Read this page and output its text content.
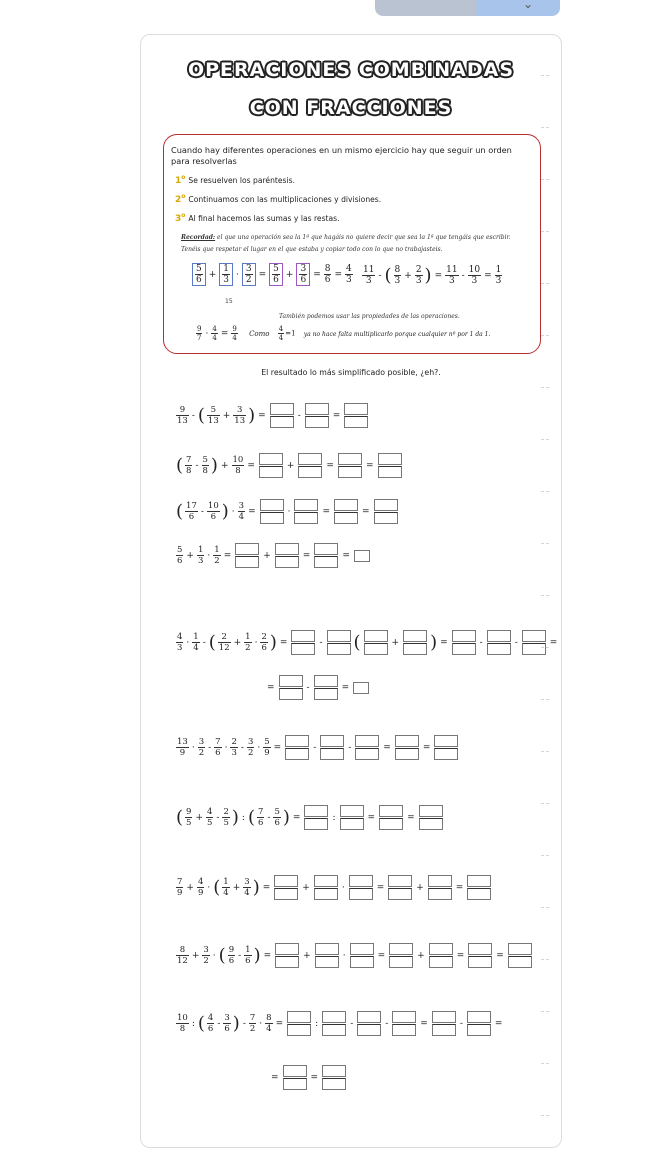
⌄
OPERACIONES COMBINADAS
CON FRACCIONES
Cuando hay diferentes operaciones en un mismo ejercicio hay que seguir un orden para resolverlas
1$^o$ Se resuelven los paréntesis.
2$^o$ Continuamos con las multiplicaciones y divisiones.
3$^o$ Al final hacemos las sumas y las restas.
Recordad: el que una operación sea la 1ª que hagáis no quiere decir que sea la 1ª que tengáis que escribir. Tenéis que respetar el lugar en el que estaba y copiar todo con lo que no trabajasteis.
$\frac{5}{6} + \frac{1}{3} \cdot \frac{3}{2} = \frac{5}{6} + \frac{3}{6} = \frac{8}{6} = \frac{4}{3}$
15
$\frac{11}{3}$ - ( $\frac{8}{3} + \frac{2}{3}$ ) = $\frac{11}{3} - \frac{10}{3} = \frac{1}{3}$
También podemos usar las propiedades de las operaciones.
$\frac{9}{7} \cdot \frac{4}{4} = \frac{9}{4}$ Como $\frac{4}{4} =1$ ya no hace falta multiplicarlo porque cualquier nº por 1 da 1.
El resultado lo más simplificado posible, ¿eh?.
$\frac{9}{13}$ - ( $\frac{5}{13} + \frac{3}{13}$ ) =	-	=
( $\frac{7}{8} - \frac{5}{8}$ ) + $\frac{10}{8}$ =	+	=	=
( $\frac{17}{6} - \frac{10}{6}$ ) · $\frac{3}{4}$ =	·	=	=
$\frac{5}{6} + \frac{1}{3} \cdot \frac{1}{2}$ =	+	=	=
$\frac{4}{3} \cdot \frac{1}{4}$ - ( $\frac{2}{12} + \frac{1}{2} \cdot \frac{2}{6}$ ) =	- (	+ ) =	-	-	=
=	-	=
$\frac{13}{9} \cdot \frac{3}{2} - \frac{7}{6} \cdot \frac{2}{3} - \frac{3}{2} \cdot \frac{5}{9}$ =	-	-	=	=
( $\frac{9}{5} + \frac{4}{5} - \frac{2}{5}$ ) : ( $\frac{7}{6} - \frac{5}{6}$ ) =	:	=	=
$\frac{7}{9} + \frac{4}{9}$ · ( $\frac{1}{4} + \frac{3}{4}$ ) =	+	·	=	+	=
$\frac{8}{12} + \frac{3}{2}$ · ( $\frac{9}{6} - \frac{1}{6}$ ) =	+	·	=	+	=	=
$\frac{10}{8}$ : ( $\frac{4}{6} - \frac{3}{6}$ ) - $\frac{7}{2} \cdot \frac{8}{4}$ =	:	-	-	=	-	=
=	=
